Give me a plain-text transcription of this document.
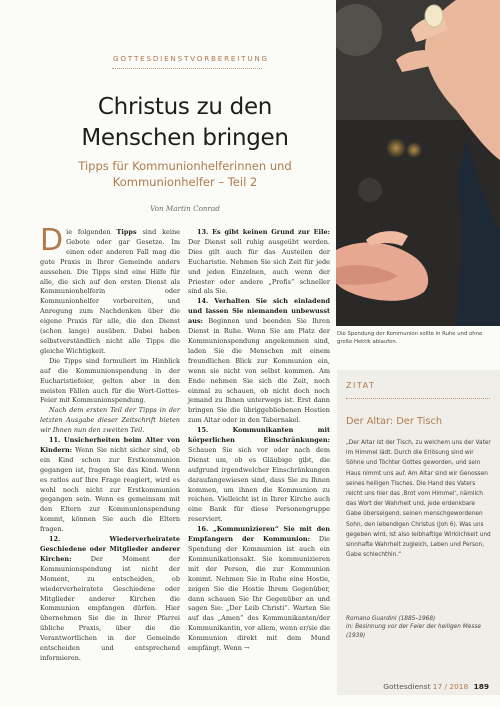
GOTTESDIENSTVORBEREITUNG
Christus zu den Menschen bringen
Tipps für Kommunionhelferinnen und Kommunionhelfer – Teil 2
Von Martin Conrad

Die folgenden Tipps sind keine Gebote oder gar Gesetze. Im einen oder anderen Fall mag die gute Praxis in Ihrer Gemeinde anders aussehen. Die Tipps sind eine Hilfe für alle, die sich auf den ersten Dienst als Kommunionhelferin oder Kommunionhelfer vorbereiten, und Anregung zum Nachdenken über die eigene Praxis für alle, die den Dienst (schon lange) ausüben. Dabei haben selbstverständlich nicht alle Tipps die gleiche Wichtigkeit.

Die Tipps sind formuliert im Hinblick auf die Kommunionspendung in der Eucharistiefeier, gelten aber in den meisten Fällen auch für die Wort-Gottes-Feier mit Kommunionspendung.

Nach dem ersten Teil der Tipps in der letzten Ausgabe dieser Zeitschrift bieten wir Ihnen nun den zweiten Teil.

11. Unsicherheiten beim Alter von Kindern: Wenn Sie nicht sicher sind, ob ein Kind schon zur Erstkommunion gegangen ist, fragen Sie das Kind. Wenn es ratlos auf Ihre Frage reagiert, wird es wohl noch nicht zur Erstkommunion gegangen sein. Wenn es gemeinsam mit den Eltern zur Kommunionspendung kommt, können Sie auch die Eltern fragen.

12. Wiederverheiratete Geschiedene oder Mitglieder anderer Kirchen: Der Moment der Kommunionspendung ist nicht der Moment, zu entscheiden, ob wiederverheiratete Geschiedene oder Mitglieder anderer Kirchen die Kommunion empfangen dürfen. Hier übernehmen Sie die in Ihrer Pfarrei übliche Praxis, über die die Verantwortlichen in der Gemeinde entscheiden und entsprechend informieren.

13. Es gibt keinen Grund zur Eile: Der Dienst soll ruhig ausgeübt werden. Dies gilt auch für das Austeilen der Eucharistie. Nehmen Sie sich Zeit für jede und jeden Einzelnen, auch wenn der Priester oder andere „Profis“ schneller sind als Sie.

14. Verhalten Sie sich einladend und lassen Sie niemanden unbewusst aus: Beginnen und beenden Sie Ihren Dienst in Ruhe. Wenn Sie am Platz der Kommunionspendung angekommen sind, laden Sie die Menschen mit einem freundlichen Blick zur Kommunion ein, wenn sie nicht von selbst kommen. Am Ende nehmen Sie sich die Zeit, noch einmal zu schauen, ob nicht doch noch jemand zu Ihnen unterwegs ist. Erst dann bringen Sie die übriggebliebenen Hostien zum Altar oder in den Tabernakel.

15. Kommunikanten mit körperlichen Einschränkungen: Schauen Sie sich vor oder nach dem Dienst um, ob es Gläubige gibt, die aufgrund irgendwelcher Einschränkungen daraufangewiesen sind, dass Sie zu Ihnen kommen, um ihnen die Kommunion zu reichen. Vielleicht ist in Ihrer Kirche auch eine Bank für diese Personengruppe reserviert.

16. „Kommunizieren“ Sie mit den Empfangern der Kommunion: Die Spendung der Kommunion ist auch ein Kommunikationsakt. Sie kommunizieren mit der Person, die zur Kommunion kommt. Nehmen Sie in Ruhe eine Hostie, zeigen Sie die Hostie Ihrem Gegenüber, dann schauen Sie Ihr Gegenüber an und sagen Sie: „Der Leib Christi“. Warten Sie auf das „Amen“ des Kommunikanten/der Kommunikantin, vor allem, wenn er/sie die Kommunion direkt mit dem Mund empfängt. Wenn →

Die Spendung der Kommunion sollte in Ruhe und ohne große Hektik ablaufen.
ZITAT
Der Altar: Der Tisch
„Der Altar ist der Tisch, zu welchem uns der Vater im Himmel lädt. Durch die Erlösung sind wir Söhne und Töchter Gottes geworden, und sein Haus nimmt uns auf. Am Altar sind wir Genossen seines heiligen Tisches. Die Hand des Vaters reicht uns hier das ‚Brot vom Himmel‘, nämlich das Wort der Wahrheit und, jede erdenkbare Gabe überseigend, seinen menschgewordenen Sohn, den lebendigen Christus (Joh 6). Was uns gegeben wird, ist also leibhaftige Wirklichkeit und sinnhafte Wahrheit zugleich, Leben und Person, Gabe schlechthin.“
Romano Guardini (1885–1968)
in: Besinnung vor der Feier der heiligen Messe (1939)
Gottesdienst 17 / 2018 189
